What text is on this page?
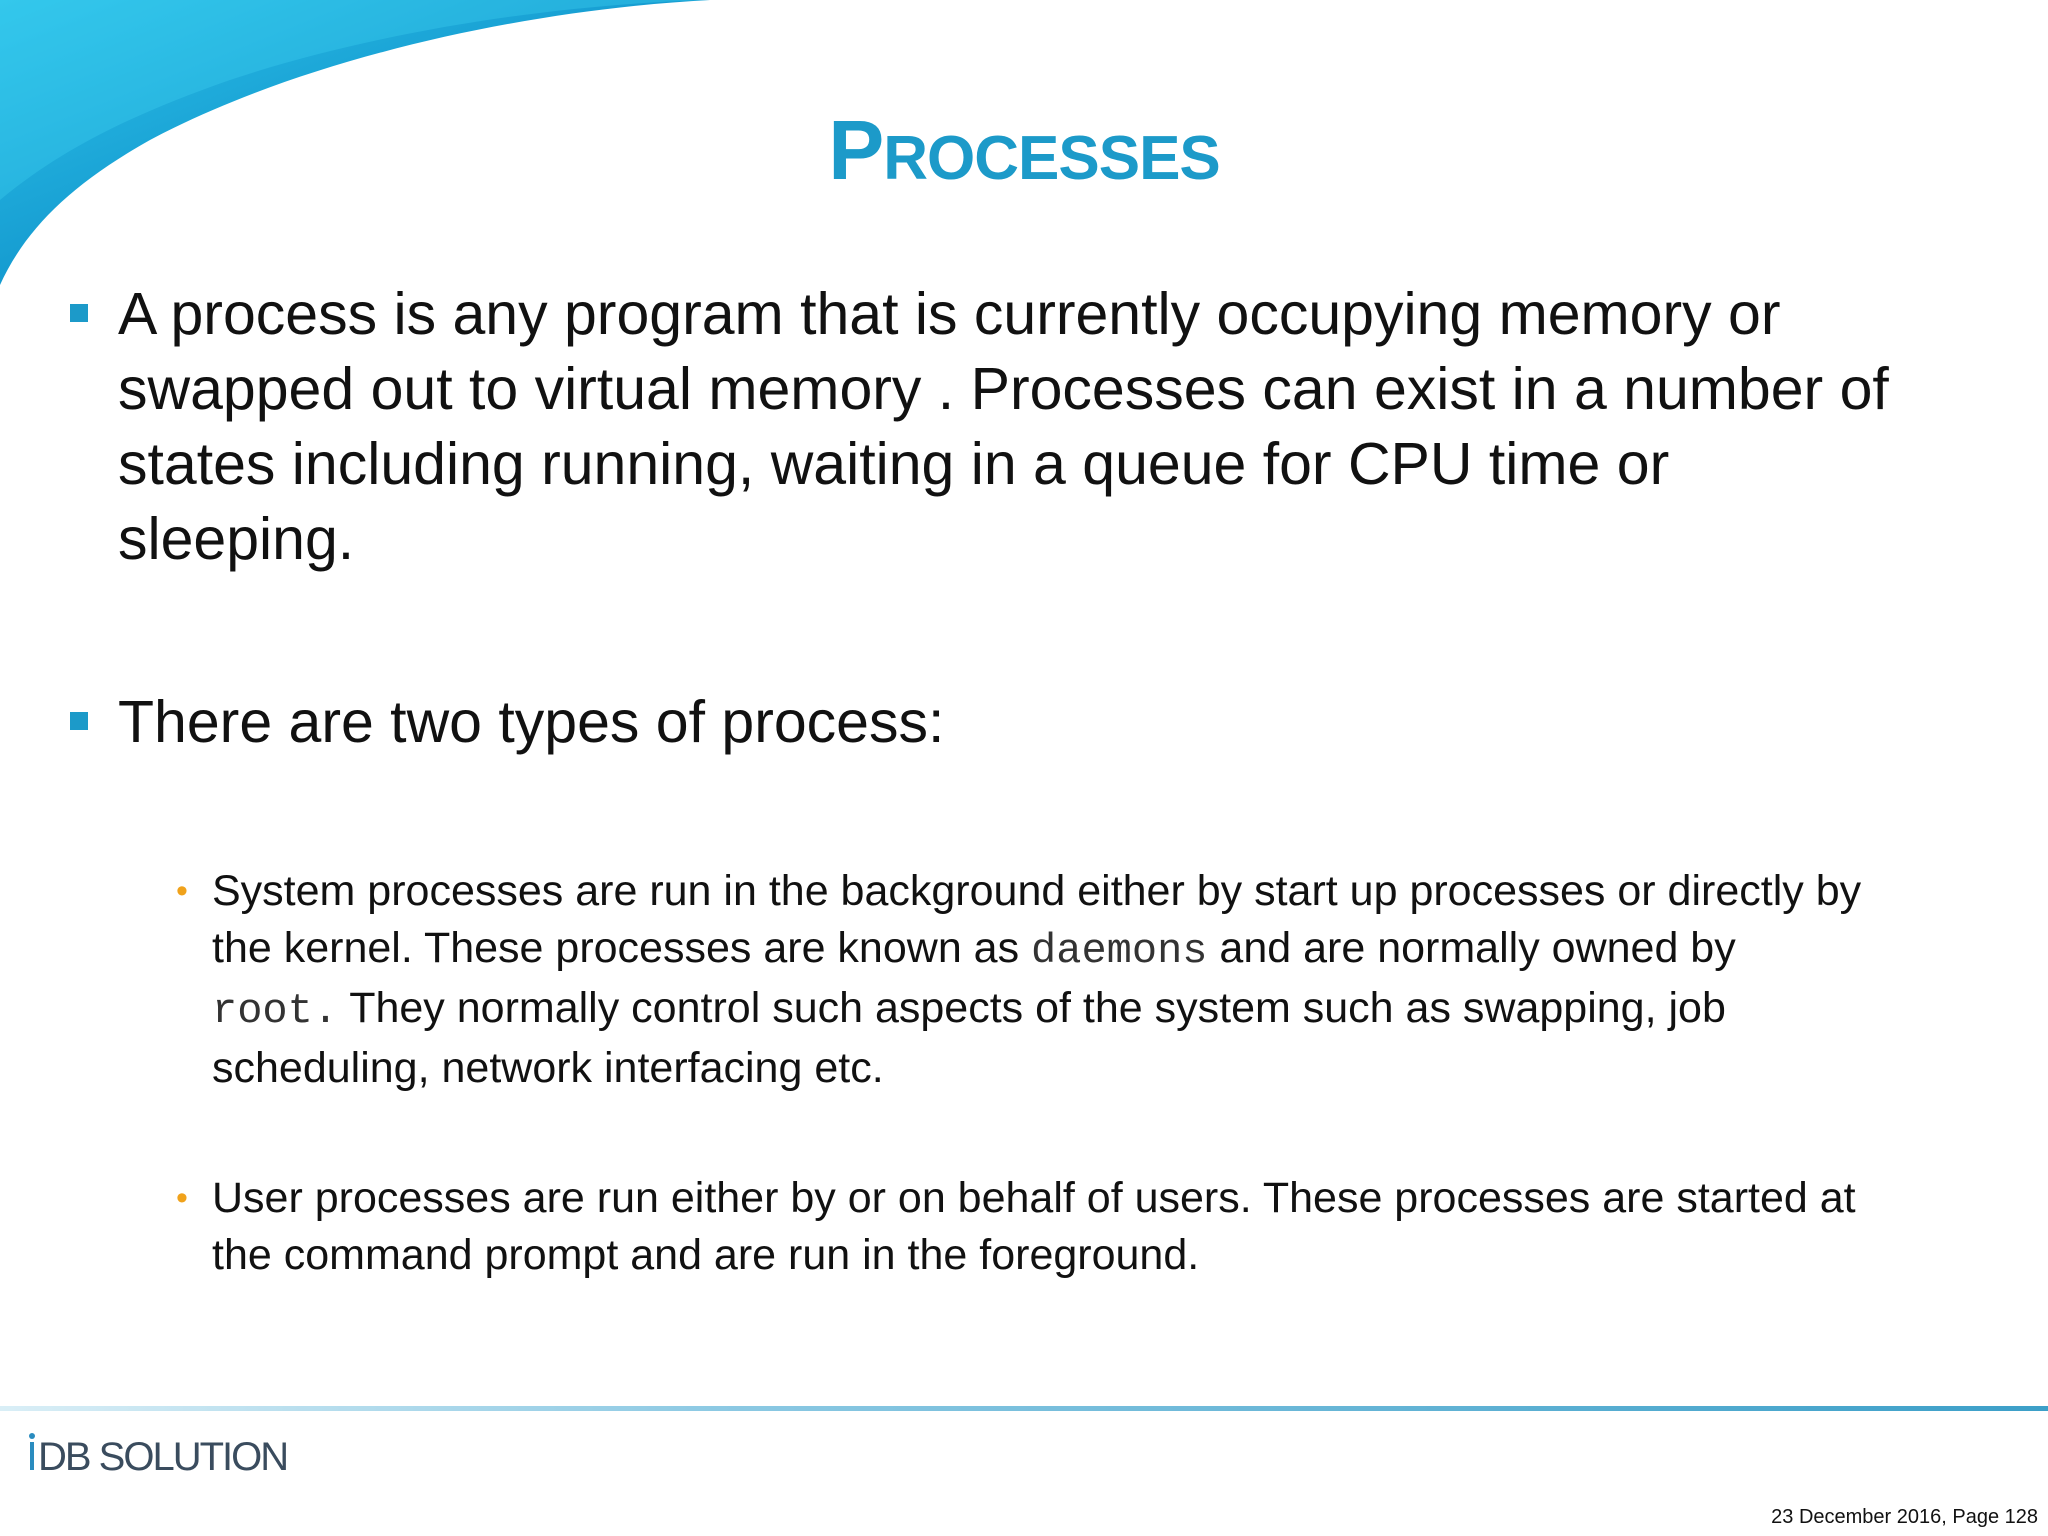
PROCESSES
A process is any program that is currently occupying memory or
swapped out to virtual memory . Processes can exist in a number of
states including running, waiting in a queue for CPU time or
sleeping.
There are two types of process:
• System processes are run in the background either by start up processes or directly by
the kernel. These processes are known as daemons and are normally owned by
root. They normally control such aspects of the system such as swapping, job
scheduling, network interfacing etc.
• User processes are run either by or on behalf of users. These processes are started at
the command prompt and are run in the foreground.
DB SOLUTIONS
23 December 2016, Page 128
